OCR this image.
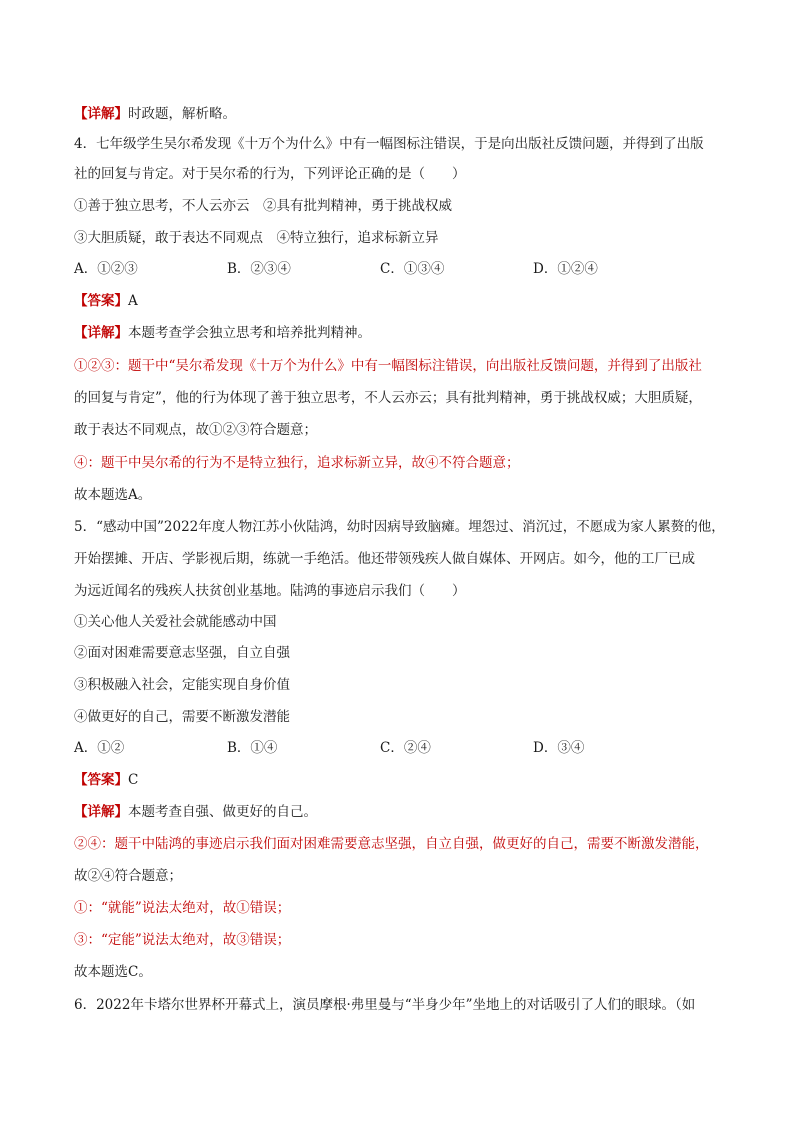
【详解】时政题，解析略。
4．七年级学生吴尔希发现《十万个为什么》中有一幅图标注错误，于是向出版社反馈问题，并得到了出版
社的回复与肯定。对于吴尔希的行为，下列评论正确的是（　　）
①善于独立思考，不人云亦云　②具有批判精神，勇于挑战权威
③大胆质疑，敢于表达不同观点　④特立独行，追求标新立异
A．①②③	B．②③④	C．①③④	D．①②④
【答案】A
【详解】本题考查学会独立思考和培养批判精神。
①②③：题干中“吴尔希发现《十万个为什么》中有一幅图标注错误，向出版社反馈问题，并得到了出版社
的回复与肯定”，他的行为体现了善于独立思考，不人云亦云；具有批判精神，勇于挑战权威；大胆质疑，
敢于表达不同观点，故①②③符合题意；
④：题干中吴尔希的行为不是特立独行，追求标新立异，故④不符合题意；
故本题选A。
5．“感动中国”2022年度人物江苏小伙陆鸿，幼时因病导致脑瘫。埋怨过、消沉过，不愿成为家人累赘的他，
开始摆摊、开店、学影视后期，练就一手绝活。他还带领残疾人做自媒体、开网店。如今，他的工厂已成
为远近闻名的残疾人扶贫创业基地。陆鸿的事迹启示我们（　　）
①关心他人关爱社会就能感动中国
②面对困难需要意志坚强，自立自强
③积极融入社会，定能实现自身价值
④做更好的自己，需要不断激发潜能
A．①②	B．①④	C．②④	D．③④
【答案】C
【详解】本题考查自强、做更好的自己。
②④：题干中陆鸿的事迹启示我们面对困难需要意志坚强，自立自强，做更好的自己，需要不断激发潜能，
故②④符合题意；
①：“就能”说法太绝对，故①错误；
③：“定能”说法太绝对，故③错误；
故本题选C。
6．2022年卡塔尔世界杯开幕式上，演员摩根·弗里曼与“半身少年”坐地上的对话吸引了人们的眼球。（如
